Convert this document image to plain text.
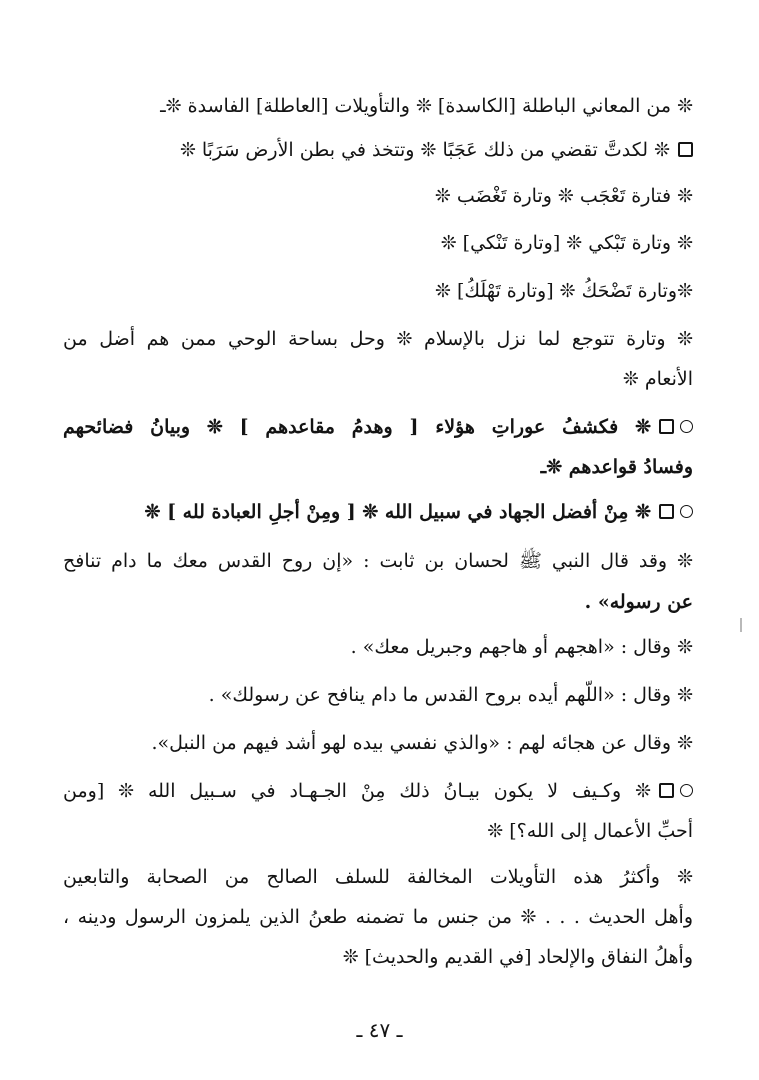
❊ من المعاني الباطلة [الكاسدة] ❊ والتأويلات [العاطلة] الفاسدة ❊ـ
❊ لكدتَّ تقضي من ذلك عَجَبًا ❊ وتتخذ في بطن الأرض سَرَبًا ❊
❊ فتارة تَعْجَب ❊ وتارة تَغْضَب ❊
❊ وتارة تَبْكي ❊ [وتارة تَنْكي] ❊
❊وتارة تَضْحَكُ ❊ [وتارة تَهْلَكُ] ❊
❊ وتارة تتوجع لما نزل بالإسلام ❊ وحل بساحة الوحي ممن هم أضل من
الأنعام ❊
❊ فكشفُ عوراتِ هؤلاء [ وهدمُ مقاعدهم ] ❊ وبيانُ فضائحهم
وفسادُ قواعدهم ❊ـ
❊ مِنْ أفضل الجهاد في سبيل الله ❊ [ ومِنْ أجلِ العبادة لله ] ❊
❊ وقد قال النبي ﷺ لحسان بن ثابت : «إن روح القدس معك ما دام تنافح
عن رسوله» .
❊ وقال : «اهجهم أو هاجهم وجبريل معك» .
❊ وقال : «اللّهم أيده بروح القدس ما دام ينافح عن رسولك» .
❊ وقال عن هجائه لهم : «والذي نفسي بيده لهو أشد فيهم من النبل».
❊ وكـيف لا يكون بيـانُ ذلك مِنْ الجـهـاد في سـبيل الله ❊ [ومن
أحبِّ الأعمال إلى الله؟] ❊
❊ وأكثرُ هذه التأويلات المخالفة للسلف الصالح من الصحابة والتابعين
وأهل الحديث . . . ❊ من جنس ما تضمنه طعنُ الذين يلمزون الرسول ودينه ،
وأهلُ النفاق والإلحاد [في القديم والحديث] ❊
ـ ٤٧ ـ
